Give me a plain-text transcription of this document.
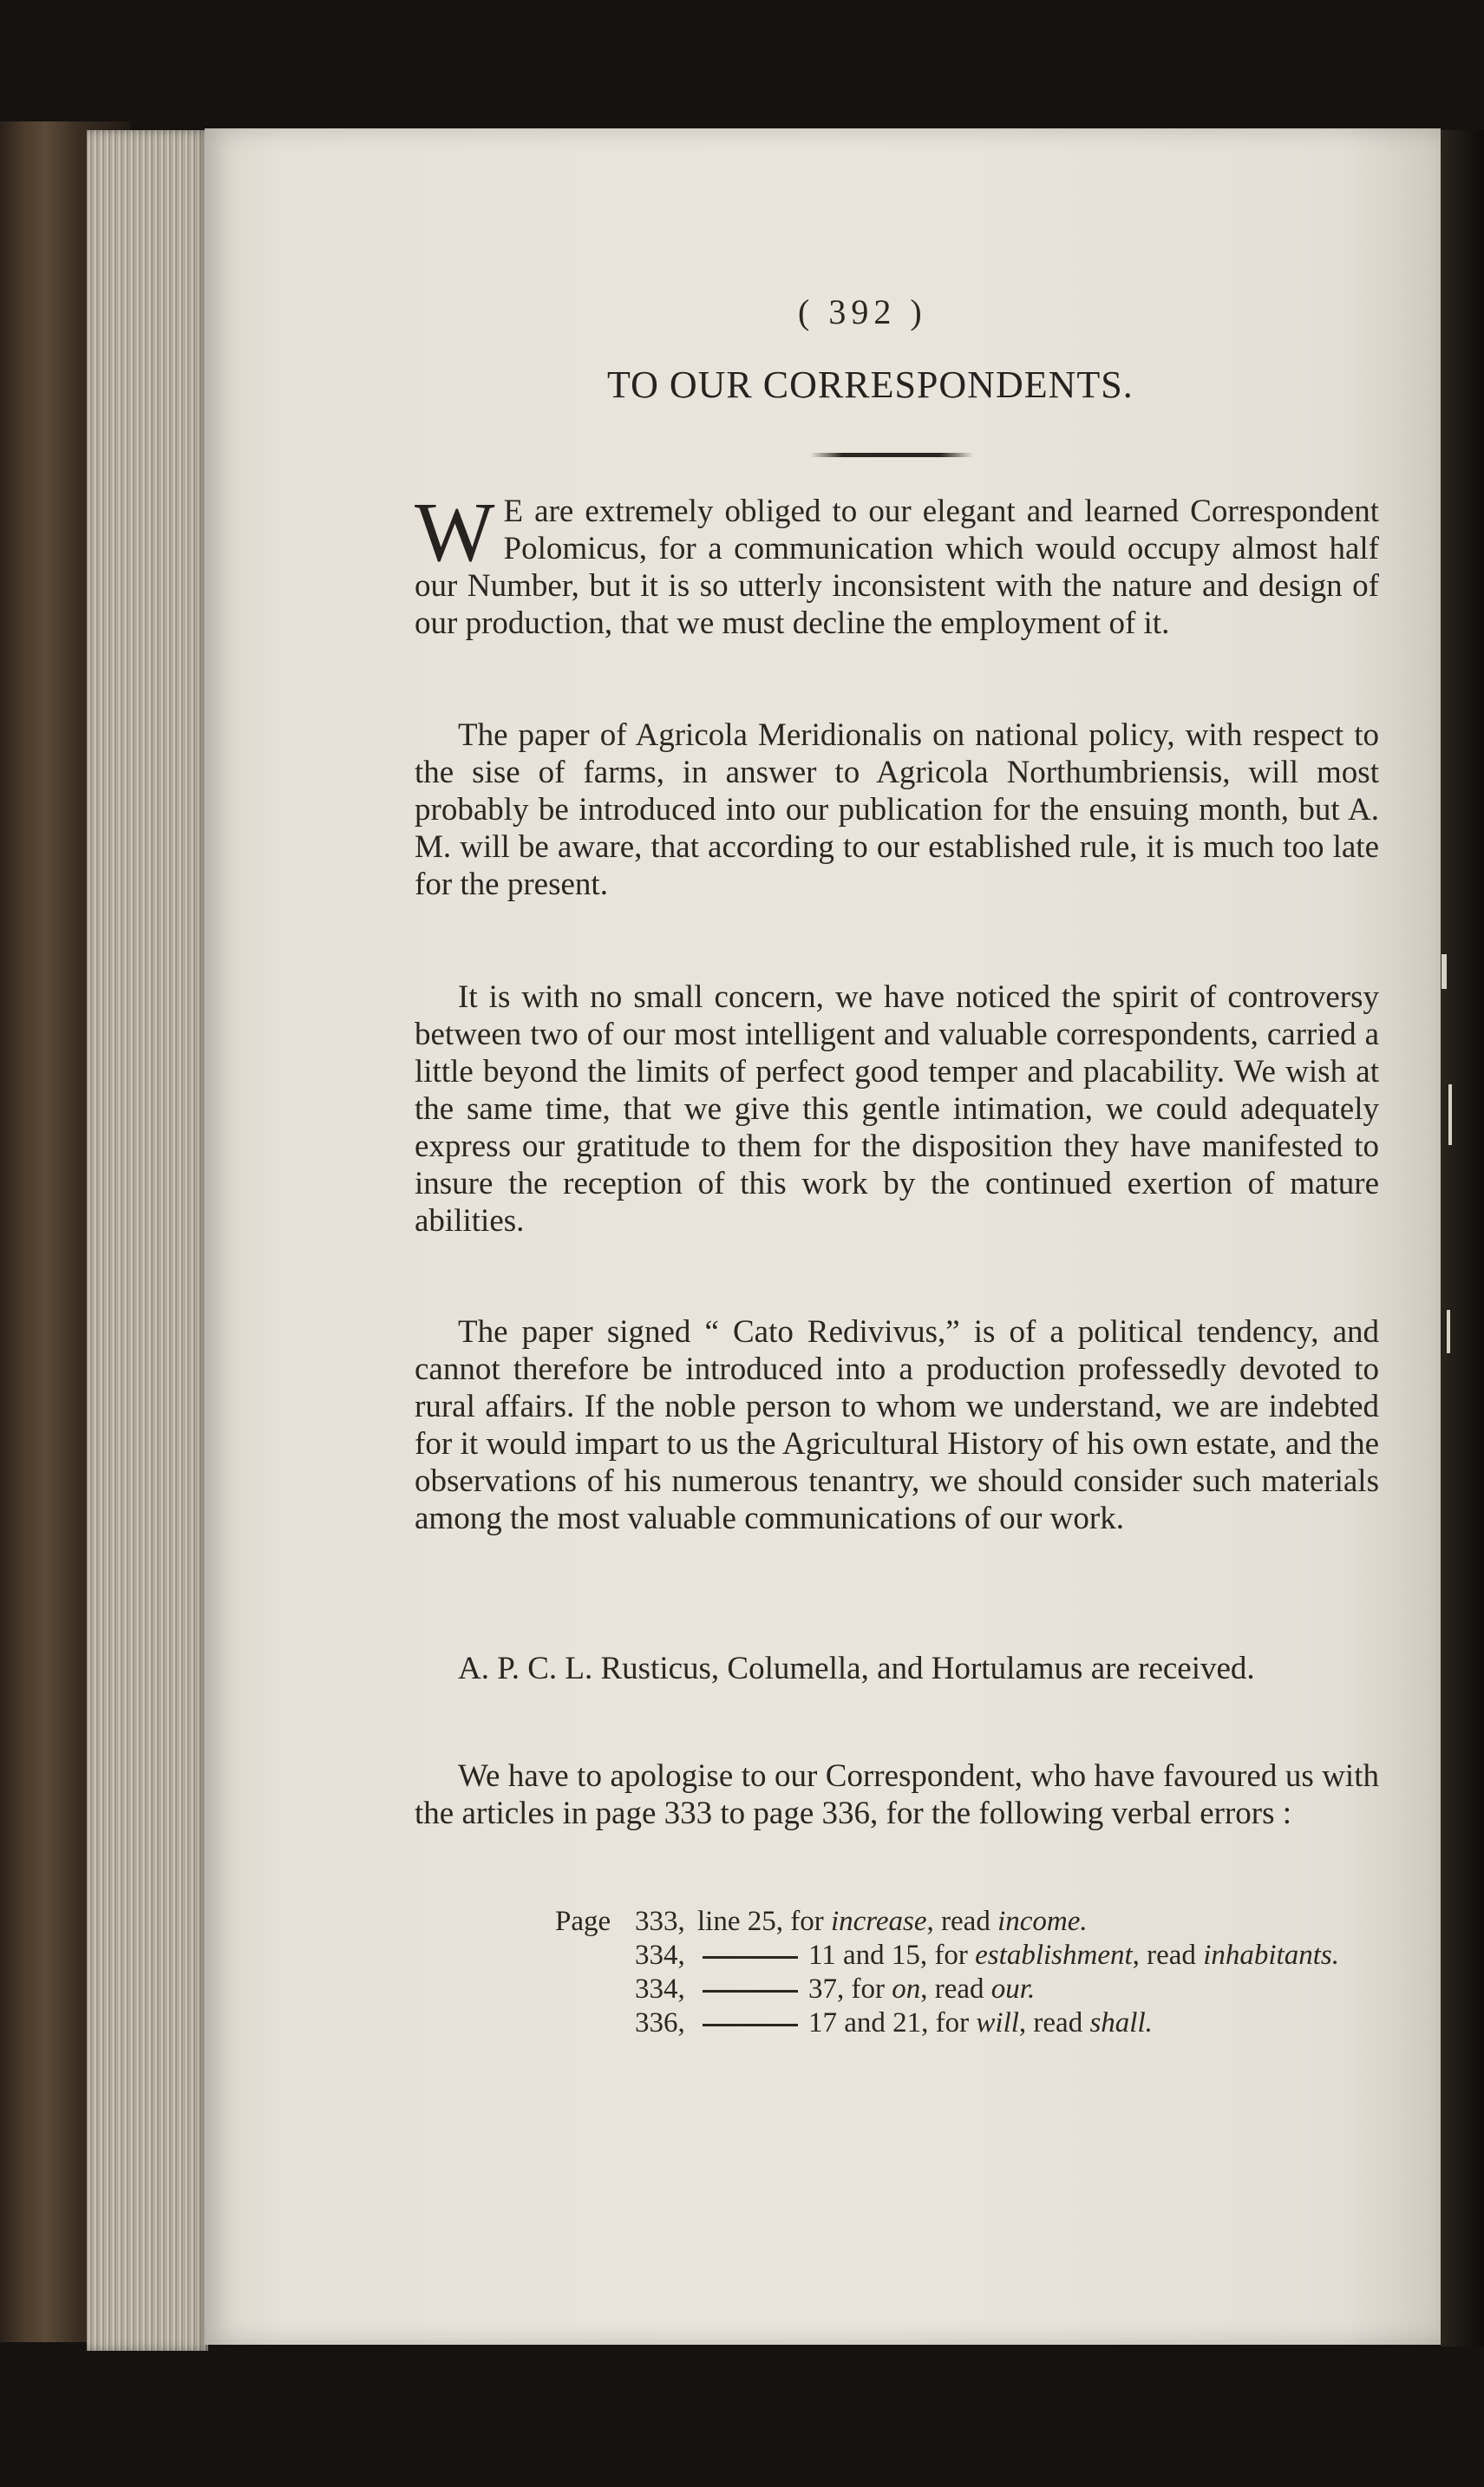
( 392 )
TO OUR CORRESPONDENTS.
W E are extremely obliged to our elegant and learned Correspondent Polomicus, for a communication which would occupy almost half our Number, but it is so utterly inconsistent with the nature and design of our production, that we must decline the employment of it.
The paper of Agricola Meridionalis on national policy, with respect to the sise of farms, in answer to Agricola Northumbriensis, will most probably be introduced into our publication for the ensuing month, but A. M. will be aware, that according to our established rule, it is much too late for the present.
It is with no small concern, we have noticed the spirit of controversy between two of our most intelligent and valuable correspondents, carried a little beyond the limits of perfect good temper and placability. We wish at the same time, that we give this gentle intimation, we could adequately express our gratitude to them for the disposition they have manifested to insure the reception of this work by the continued exertion of mature abilities.
The paper signed “ Cato Redivivus,” is of a political tendency, and cannot therefore be introduced into a production professedly devoted to rural affairs. If the noble person to whom we understand, we are indebted for it would impart to us the Agricultural History of his own estate, and the observations of his numerous tenantry, we should consider such materials among the most valuable communications of our work.
A. P. C. L. Rusticus, Columella, and Hortulamus are received.
We have to apologise to our Correspondent, who have favoured us with the articles in page 333 to page 336, for the following verbal errors :
Page 333, line 25, for increase, read income.
334,	11 and 15, for establishment, read inhabitants.
334,	37, for on, read our.
336,	17 and 21, for will, read shall.
